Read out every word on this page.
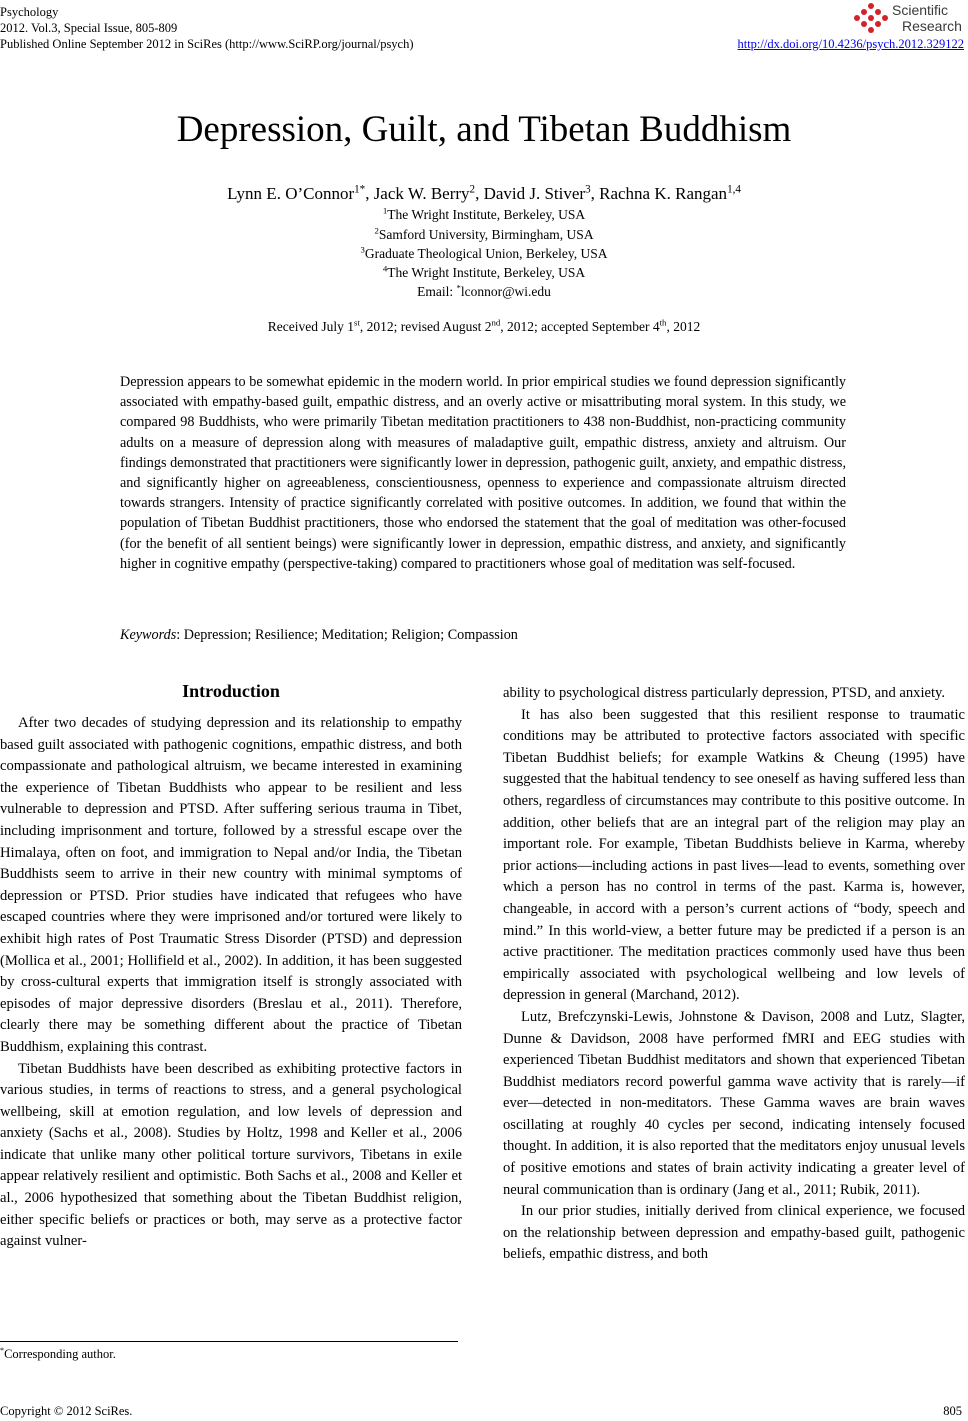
Psychology
2012. Vol.3, Special Issue, 805-809
Published Online September 2012 in SciRes (http://www.SciRP.org/journal/psych)	http://dx.doi.org/10.4236/psych.2012.329122
Scientific
Research
Depression, Guilt, and Tibetan Buddhism
Lynn E. O’Connor$^{1*}$, Jack W. Berry$^2$, David J. Stiver$^3$, Rachna K. Rangan$^{1,4}$
$^1$The Wright Institute, Berkeley, USA
$^2$Samford University, Birmingham, USA
$^3$Graduate Theological Union, Berkeley, USA
$^4$The Wright Institute, Berkeley, USA
Email: *lconnor@wi.edu
Received July 1st, 2012; revised August 2nd, 2012; accepted September 4th, 2012
Depression appears to be somewhat epidemic in the modern world. In prior empirical studies we found depression significantly associated with empathy-based guilt, empathic distress, and an overly active or misattributing moral system. In this study, we compared 98 Buddhists, who were primarily Tibetan meditation practitioners to 438 non-Buddhist, non-practicing community adults on a measure of depression along with measures of maladaptive guilt, empathic distress, anxiety and altruism. Our findings demonstrated that practitioners were significantly lower in depression, pathogenic guilt, anxiety, and empathic distress, and significantly higher on agreeableness, conscientiousness, openness to experience and compassionate altruism directed towards strangers. Intensity of practice significantly correlated with positive outcomes. In addition, we found that within the population of Tibetan Buddhist practitioners, those who endorsed the statement that the goal of meditation was other-focused (for the benefit of all sentient beings) were significantly lower in depression, empathic distress, and anxiety, and significantly higher in cognitive empathy (perspective-taking) compared to practitioners whose goal of meditation was self-focused.
Keywords: Depression; Resilience; Meditation; Religion; Compassion
Introduction

After two decades of studying depression and its relationship to empathy based guilt associated with pathogenic cognitions, empathic distress, and both compassionate and pathological altruism, we became interested in examining the experience of Tibetan Buddhists who appear to be resilient and less vulnerable to depression and PTSD. After suffering serious trauma in Tibet, including imprisonment and torture, followed by a stressful escape over the Himalaya, often on foot, and immigration to Nepal and/or India, the Tibetan Buddhists seem to arrive in their new country with minimal symptoms of depression or PTSD. Prior studies have indicated that refugees who have escaped countries where they were imprisoned and/or tortured were likely to exhibit high rates of Post Traumatic Stress Disorder (PTSD) and depression (Mollica et al., 2001; Hollifield et al., 2002). In addition, it has been suggested by cross-cultural experts that immigration itself is strongly associated with episodes of major depressive disorders (Breslau et al., 2011). Therefore, clearly there may be something different about the practice of Tibetan Buddhism, explaining this contrast.

Tibetan Buddhists have been described as exhibiting protective factors in various studies, in terms of reactions to stress, and a general psychological wellbeing, skill at emotion regulation, and low levels of depression and anxiety (Sachs et al., 2008). Studies by Holtz, 1998 and Keller et al., 2006 indicate that unlike many other political torture survivors, Tibetans in exile appear relatively resilient and optimistic. Both Sachs et al., 2008 and Keller et al., 2006 hypothesized that something about the Tibetan Buddhist religion, either specific beliefs or practices or both, may serve as a protective factor against vulner-

ability to psychological distress particularly depression, PTSD, and anxiety.

It has also been suggested that this resilient response to traumatic conditions may be attributed to protective factors associated with specific Tibetan Buddhist beliefs; for example Watkins & Cheung (1995) have suggested that the habitual tendency to see oneself as having suffered less than others, regardless of circumstances may contribute to this positive outcome. In addition, other beliefs that are an integral part of the religion may play an important role. For example, Tibetan Buddhists believe in Karma, whereby prior actions—including actions in past lives—lead to events, something over which a person has no control in terms of the past. Karma is, however, changeable, in accord with a person’s current actions of “body, speech and mind.” In this world-view, a better future may be predicted if a person is an active practitioner. The meditation practices commonly used have thus been empirically associated with psychological wellbeing and low levels of depression in general (Marchand, 2012).

Lutz, Brefczynski-Lewis, Johnstone & Davison, 2008 and Lutz, Slagter, Dunne & Davidson, 2008 have performed fMRI and EEG studies with experienced Tibetan Buddhist meditators and shown that experienced Tibetan Buddhist mediators record powerful gamma wave activity that is rarely—if ever—detected in non-meditators. These Gamma waves are brain waves oscillating at roughly 40 cycles per second, indicating intensely focused thought. In addition, it is also reported that the meditators enjoy unusual levels of positive emotions and states of brain activity indicating a greater level of neural communication than is ordinary (Jang et al., 2011; Rubik, 2011).

In our prior studies, initially derived from clinical experience, we focused on the relationship between depression and empathy-based guilt, pathogenic beliefs, empathic distress, and both

*Corresponding author.
Copyright © 2012 SciRes.	805
